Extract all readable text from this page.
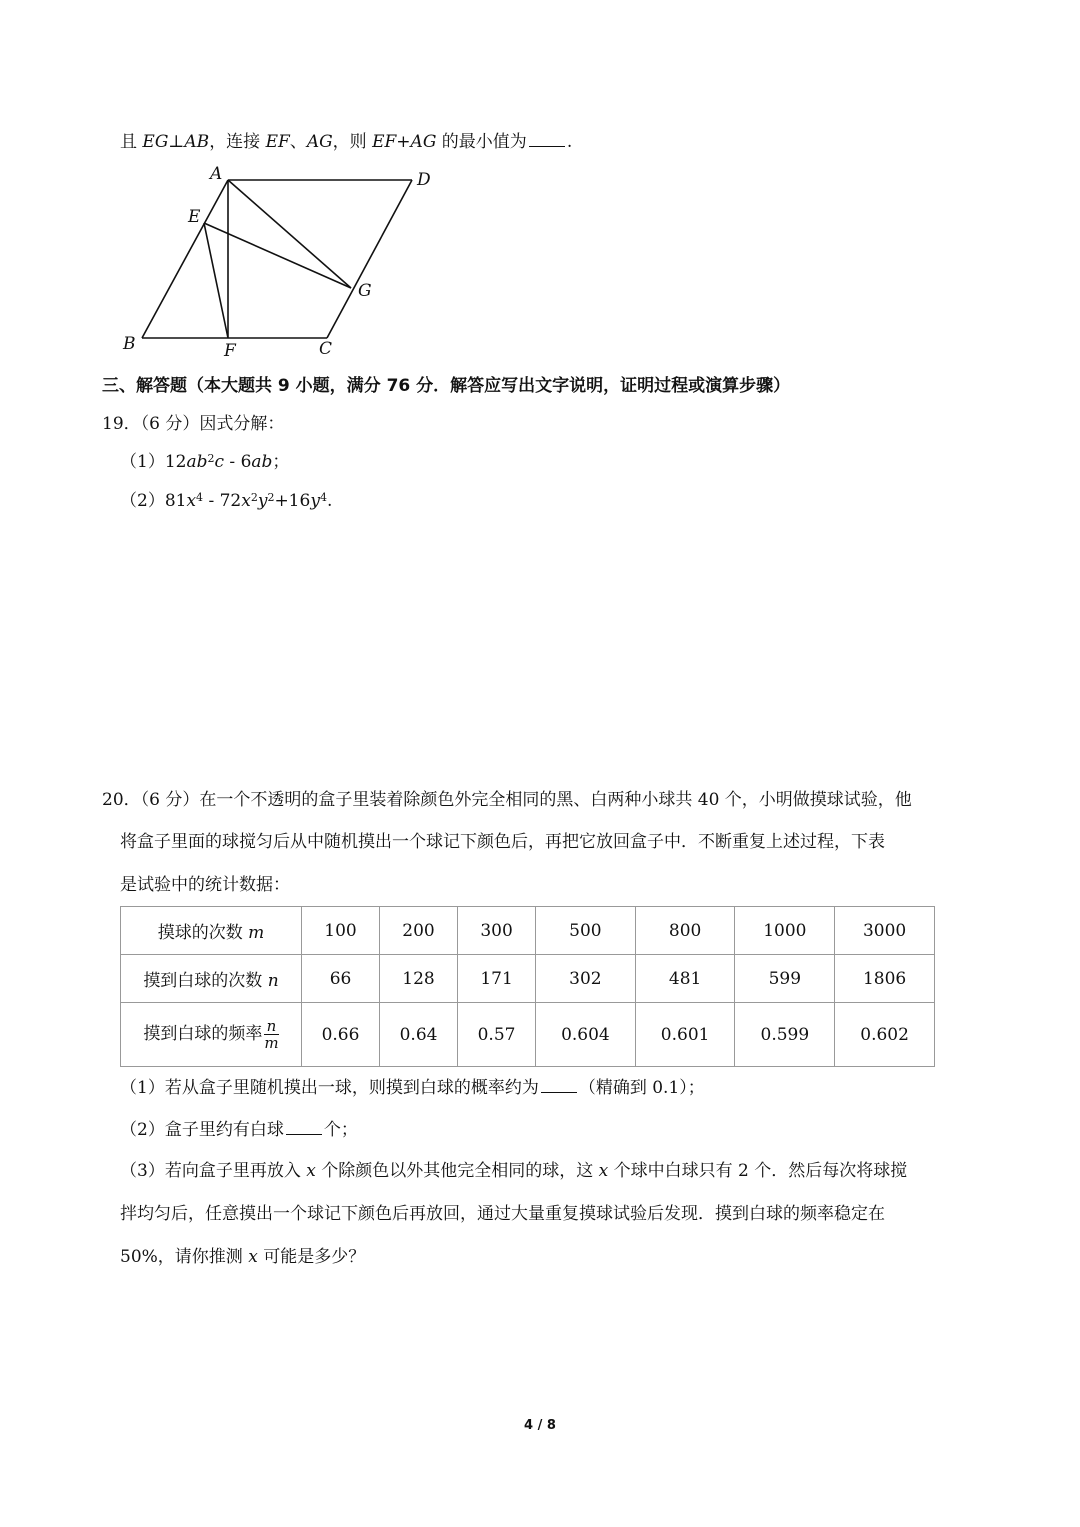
且 EG⊥AB，连接 EF、AG，则 EF+AG 的最小值为 .
A	D
E
G
B	F	C
三、解答题（本大题共 9 小题，满分 76 分．解答应写出文字说明，证明过程或演算步骤）
19．（6 分）因式分解：
$(1)12ab^2c$ ‑ 6ab；
$(2)81x^4$ ‑ $72x^2y^2+16y^4$.
20．（6 分）在一个不透明的盒子里装着除颜色外完全相同的黑、白两种小球共 40 个，小明做摸球试验，他
将盒子里面的球搅匀后从中随机摸出一个球记下颜色后，再把它放回盒子中．不断重复上述过程，下表
是试验中的统计数据：
摸球的次数 m	100	200	300	500	800	1000	3000
摸到白球的次数 n	66	128	171	302	481	599	1806
摸到白球的频率 $\frac{n}{m}$	0.66	0.64	0.57	0.604	0.601	0.599	0.602
（1）若从盒子里随机摸出一球，则摸到白球的概率约为 （精确到 0.1）；
（2）盒子里约有白球 个；
（3）若向盒子里再放入 x 个除颜色以外其他完全相同的球，这 x 个球中白球只有 2 个．然后每次将球搅
拌均匀后，任意摸出一个球记下颜色后再放回，通过大量重复摸球试验后发现．摸到白球的频率稳定在
50%，请你推测 x 可能是多少？
4 / 8
